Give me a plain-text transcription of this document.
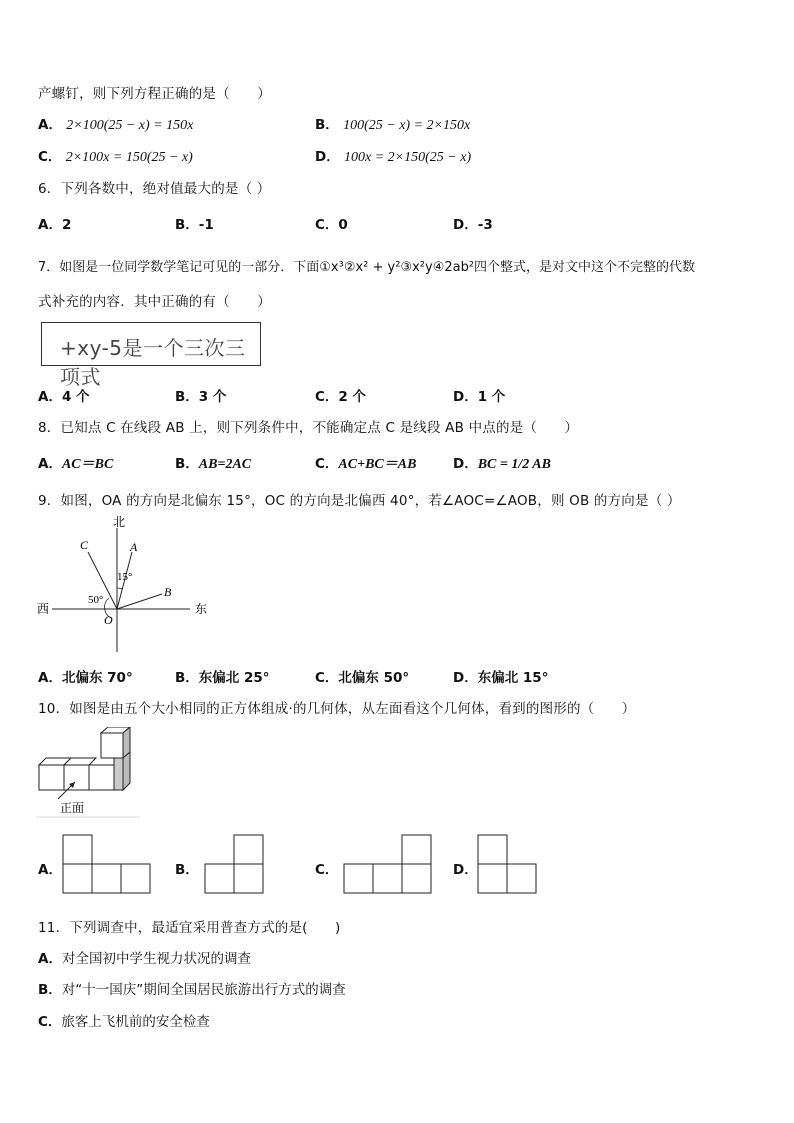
产螺钉，则下列方程正确的是（　　）
A． 2×100(25 − x) = 150x	B． 100(25 − x) = 2×150x
C． 2×100x = 150(25 − x)	D． 100x = 2×150(25 − x)
6．下列各数中，绝对值最大的是（ ）
A．2	B．-1	C．0	D．-3
7．如图是一位同学数学笔记可见的一部分．下面①x³②x² + y²③x²y④2ab²四个整式，是对文中这个不完整的代数
式补充的内容．其中正确的有（　　）
+xy-5是一个三次三项式
A．4 个	B．3 个	C．2 个	D．1 个
8．已知点 C 在线段 AB 上，则下列条件中，不能确定点 C 是线段 AB 中点的是（　　）
A．AC＝BC	B．AB=2AC	C．AC+BC＝AB	D．BC = 1/2 AB
9．如图，OA 的方向是北偏东 15°，OC 的方向是北偏西 40°，若∠AOC=∠AOB，则 OB 的方向是（ ）
北
东
西
O
A
B
C
15°
50°
A．北偏东 70°	B．东偏北 25°	C．北偏东 50°	D．东偏北 15°
10．如图是由五个大小相同的正方体组成·的几何体，从左面看这个几何体，看到的图形的（　　）
正面
A．	B．	C．	D．
11．下列调查中，最适宜采用普查方式的是(　　)
A．对全国初中学生视力状况的调查
B．对“十一国庆”期间全国居民旅游出行方式的调查
C．旅客上飞机前的安全检查
